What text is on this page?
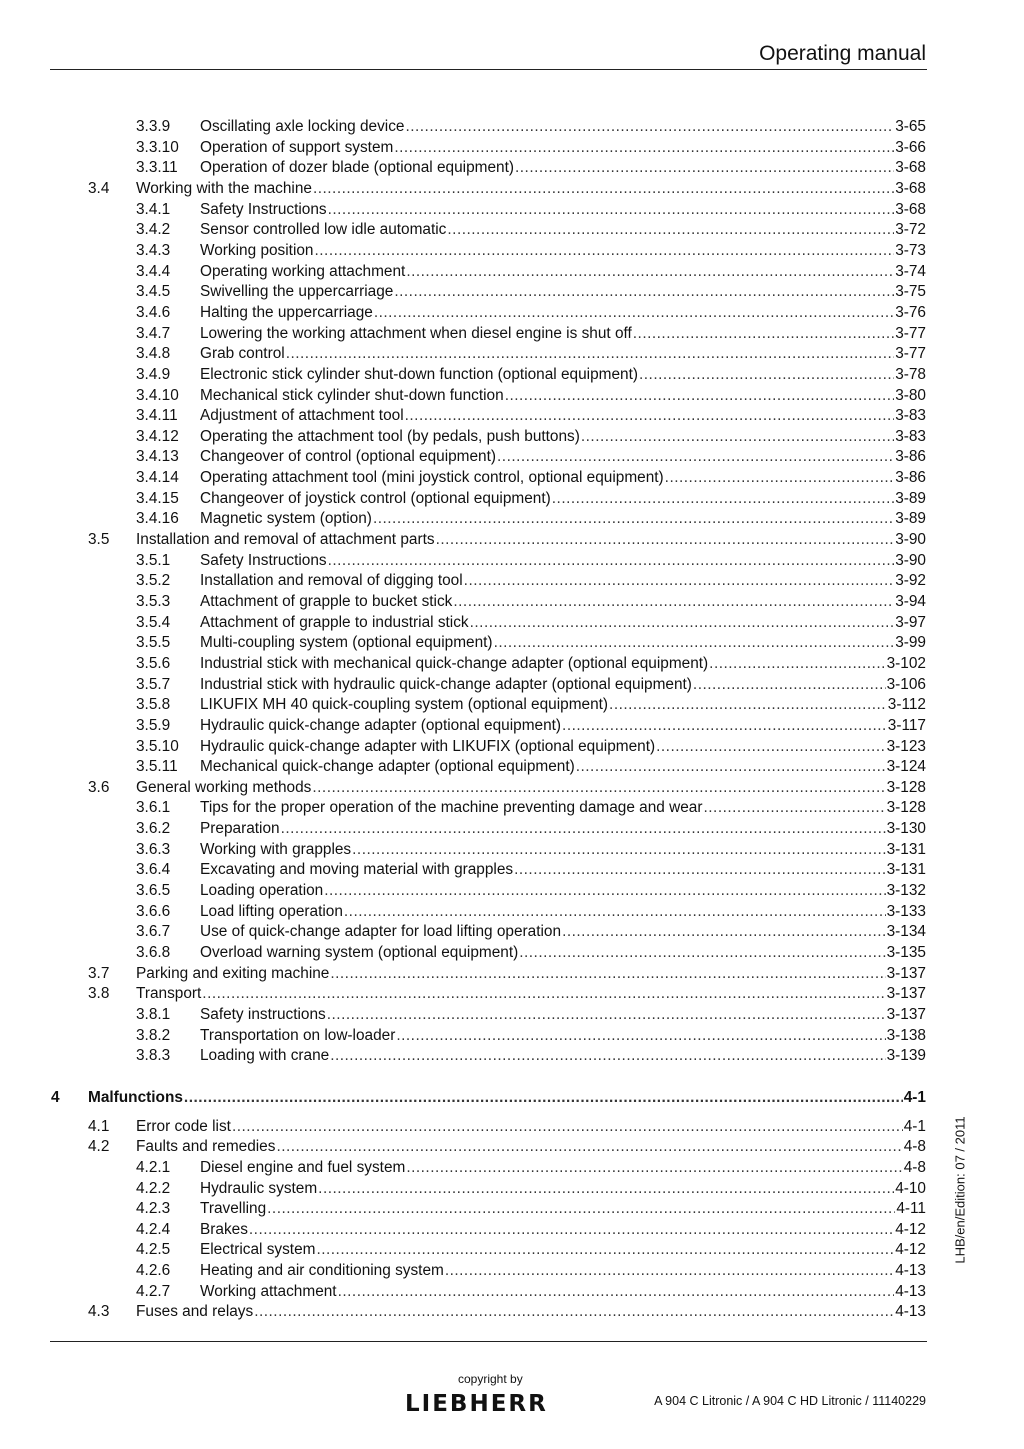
Operating manual
3.3.9 Oscillating axle locking device .....	3-65
3.3.10 Operation of support system .....	3-66
3.3.11 Operation of dozer blade (optional equipment) .....	3-68
3.4 Working with the machine .....	3-68
3.4.1 Safety Instructions .....	3-68
3.4.2 Sensor controlled low idle automatic .....	3-72
3.4.3 Working position .....	3-73
3.4.4 Operating working attachment .....	3-74
3.4.5 Swivelling the uppercarriage .....	3-75
3.4.6 Halting the uppercarriage .....	3-76
3.4.7 Lowering the working attachment when diesel engine is shut off .....	3-77
3.4.8 Grab control .....	3-77
3.4.9 Electronic stick cylinder shut-down function (optional equipment) .....	3-78
3.4.10 Mechanical stick cylinder shut-down function .....	3-80
3.4.11 Adjustment of attachment tool .....	3-83
3.4.12 Operating the attachment tool (by pedals, push buttons) .....	3-83
3.4.13 Changeover of control (optional equipment) .....	3-86
3.4.14 Operating attachment tool (mini joystick control, optional equipment) .....	3-86
3.4.15 Changeover of joystick control (optional equipment) .....	3-89
3.4.16 Magnetic system (option) .....	3-89
3.5 Installation and removal of attachment parts .....	3-90
3.5.1 Safety Instructions .....	3-90
3.5.2 Installation and removal of digging tool .....	3-92
3.5.3 Attachment of grapple to bucket stick .....	3-94
3.5.4 Attachment of grapple to industrial stick .....	3-97
3.5.5 Multi-coupling system (optional equipment) .....	3-99
3.5.6 Industrial stick with mechanical quick-change adapter (optional equipment) .....	3-102
3.5.7 Industrial stick with hydraulic quick-change adapter (optional equipment) .....	3-106
3.5.8 LIKUFIX MH 40 quick-coupling system (optional equipment) .....	3-112
3.5.9 Hydraulic quick-change adapter (optional equipment) .....	3-117
3.5.10 Hydraulic quick-change adapter with LIKUFIX (optional equipment) .....	3-123
3.5.11 Mechanical quick-change adapter (optional equipment) .....	3-124
3.6 General working methods .....	3-128
3.6.1 Tips for the proper operation of the machine preventing damage and wear .....	3-128
3.6.2 Preparation .....	3-130
3.6.3 Working with grapples .....	3-131
3.6.4 Excavating and moving material with grapples .....	3-131
3.6.5 Loading operation .....	3-132
3.6.6 Load lifting operation .....	3-133
3.6.7 Use of quick-change adapter for load lifting operation .....	3-134
3.6.8 Overload warning system (optional equipment) .....	3-135
3.7 Parking and exiting machine .....	3-137
3.8 Transport .....	3-137
3.8.1 Safety instructions .....	3-137
3.8.2 Transportation on low-loader .....	3-138
3.8.3 Loading with crane .....	3-139
4 Malfunctions .....	4-1
4.1 Error code list .....	4-1
4.2 Faults and remedies .....	4-8
4.2.1 Diesel engine and fuel system .....	4-8
4.2.2 Hydraulic system .....	4-10
4.2.3 Travelling .....	4-11
4.2.4 Brakes .....	4-12
4.2.5 Electrical system .....	4-12
4.2.6 Heating and air conditioning system .....	4-13
4.2.7 Working attachment .....	4-13
4.3 Fuses and relays .....	4-13
LHB/en/Edition: 07 / 2011
copyright by
LIEBHERR	A 904 C Litronic / A 904 C HD Litronic / 11140229
